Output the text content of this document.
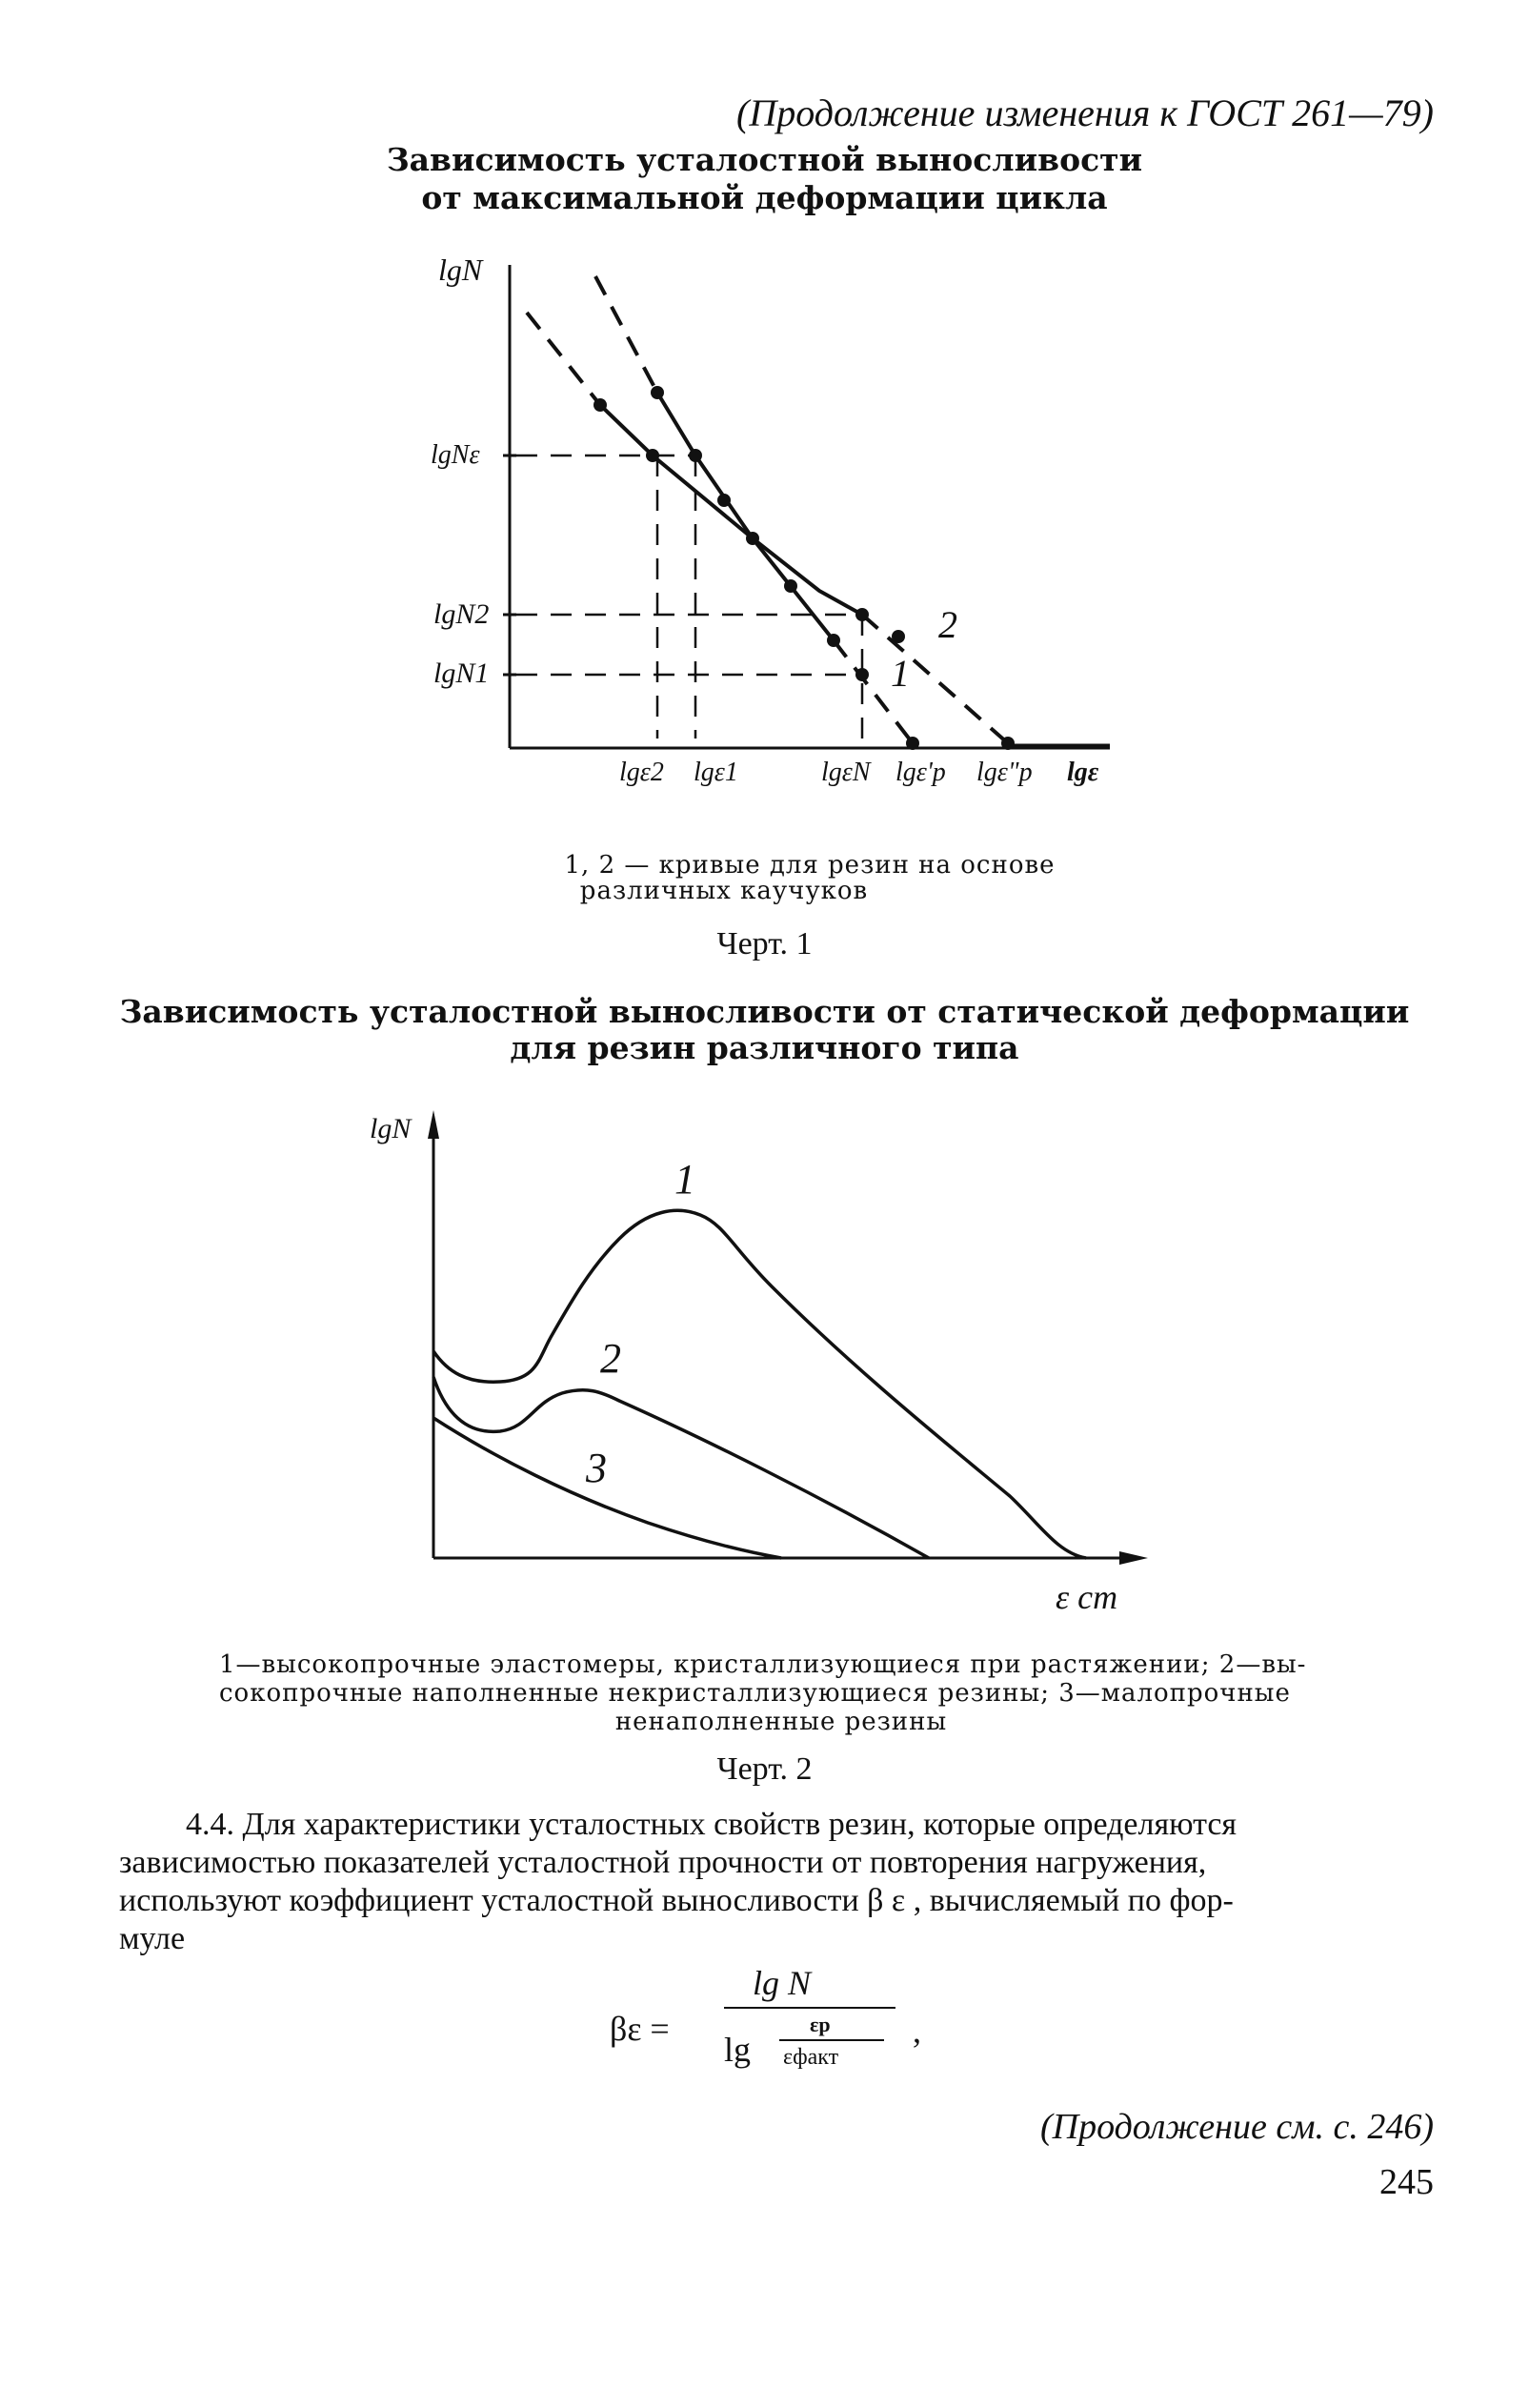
(Продолжение изменения к ГОСТ 261—79)
Зависимость усталостной выносливости
от максимальной деформации цикла
lgN
lgNε
lgN2
lgN1
lgε2 lgε1	lgεN lgε'p lgε"p lgε
2
1
1, 2 — кривые для резин на основе
различных каучуков
Черт. 1
Зависимость усталостной выносливости от статической деформации
для резин различного типа
lgN
ε ст
1
2
3
1—высокопрочные эластомеры, кристаллизующиеся при растяжении; 2—вы-
сокопрочные наполненные некристаллизующиеся резины; 3—малопрочные
ненаполненные резины
Черт. 2

4.4. Для характеристики усталостных свойств резин, которые определяются

зависимостью показателей усталостной прочности от повторения нагружения,

используют коэффициент усталостной выносливости β ε , вычисляемый по фор-

муле

βε =
lg N
lg
εp
εфакт
,
(Продолжение см. с. 246)
245
